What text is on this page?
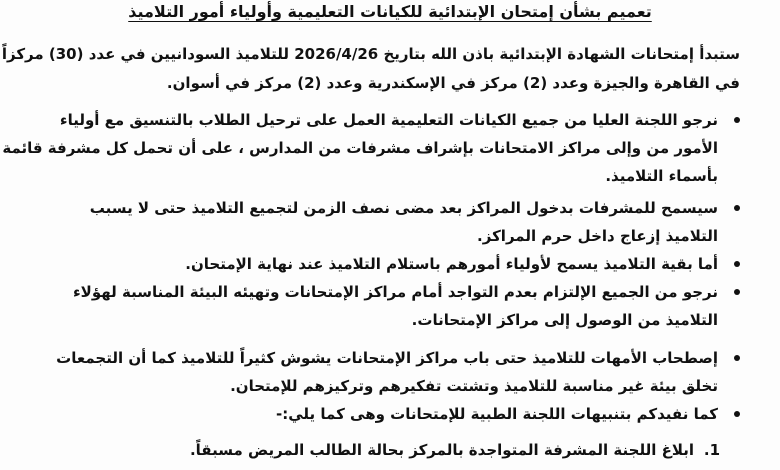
تعميم بشأن إمتحان الإبتدائية للكيانات التعليمية وأولياء أمور التلاميذ

ستبدأ إمتحانات الشهادة الإبتدائية باذن الله بتاريخ 2026/4/26 للتلاميذ السودانيين في عدد (30) مركزاً
في القاهرة والجيزة وعدد (2) مركز في الإسكندرية وعدد (2) مركز في أسوان.

نرجو اللجنة العليا من جميع الكيانات التعليمية العمل على ترحيل الطلاب بالتنسيق مع أولياء
الأمور من وإلى مراكز الامتحانات بإشراف مشرفات من المدارس ، على أن تحمل كل مشرفة قائمة
بأسماء التلاميذ.
سيسمح للمشرفات بدخول المراكز بعد مضى نصف الزمن لتجميع التلاميذ حتى لا يسبب
التلاميذ إزعاج داخل حرم المراكز.
أما بقية التلاميذ يسمح لأولياء أمورهم باستلام التلاميذ عند نهاية الإمتحان.
نرجو من الجميع الإلتزام بعدم التواجد أمام مراكز الإمتحانات وتهيئه البيئة المناسبة لهؤلاء
التلاميذ من الوصول إلى مراكز الإمتحانات.
إصطحاب الأمهات للتلاميذ حتى باب مراكز الإمتحانات يشوش كثيراً للتلاميذ كما أن التجمعات
تخلق بيئة غير مناسبة للتلاميذ وتشتت تفكيرهم وتركيزهم للإمتحان.
كما نفيدكم بتنبيهات اللجنة الطبية للإمتحانات وهى كما يلي:-
1.
ابلاغ اللجنة المشرفة المتواجدة بالمركز بحالة الطالب المريض مسبقاً.
